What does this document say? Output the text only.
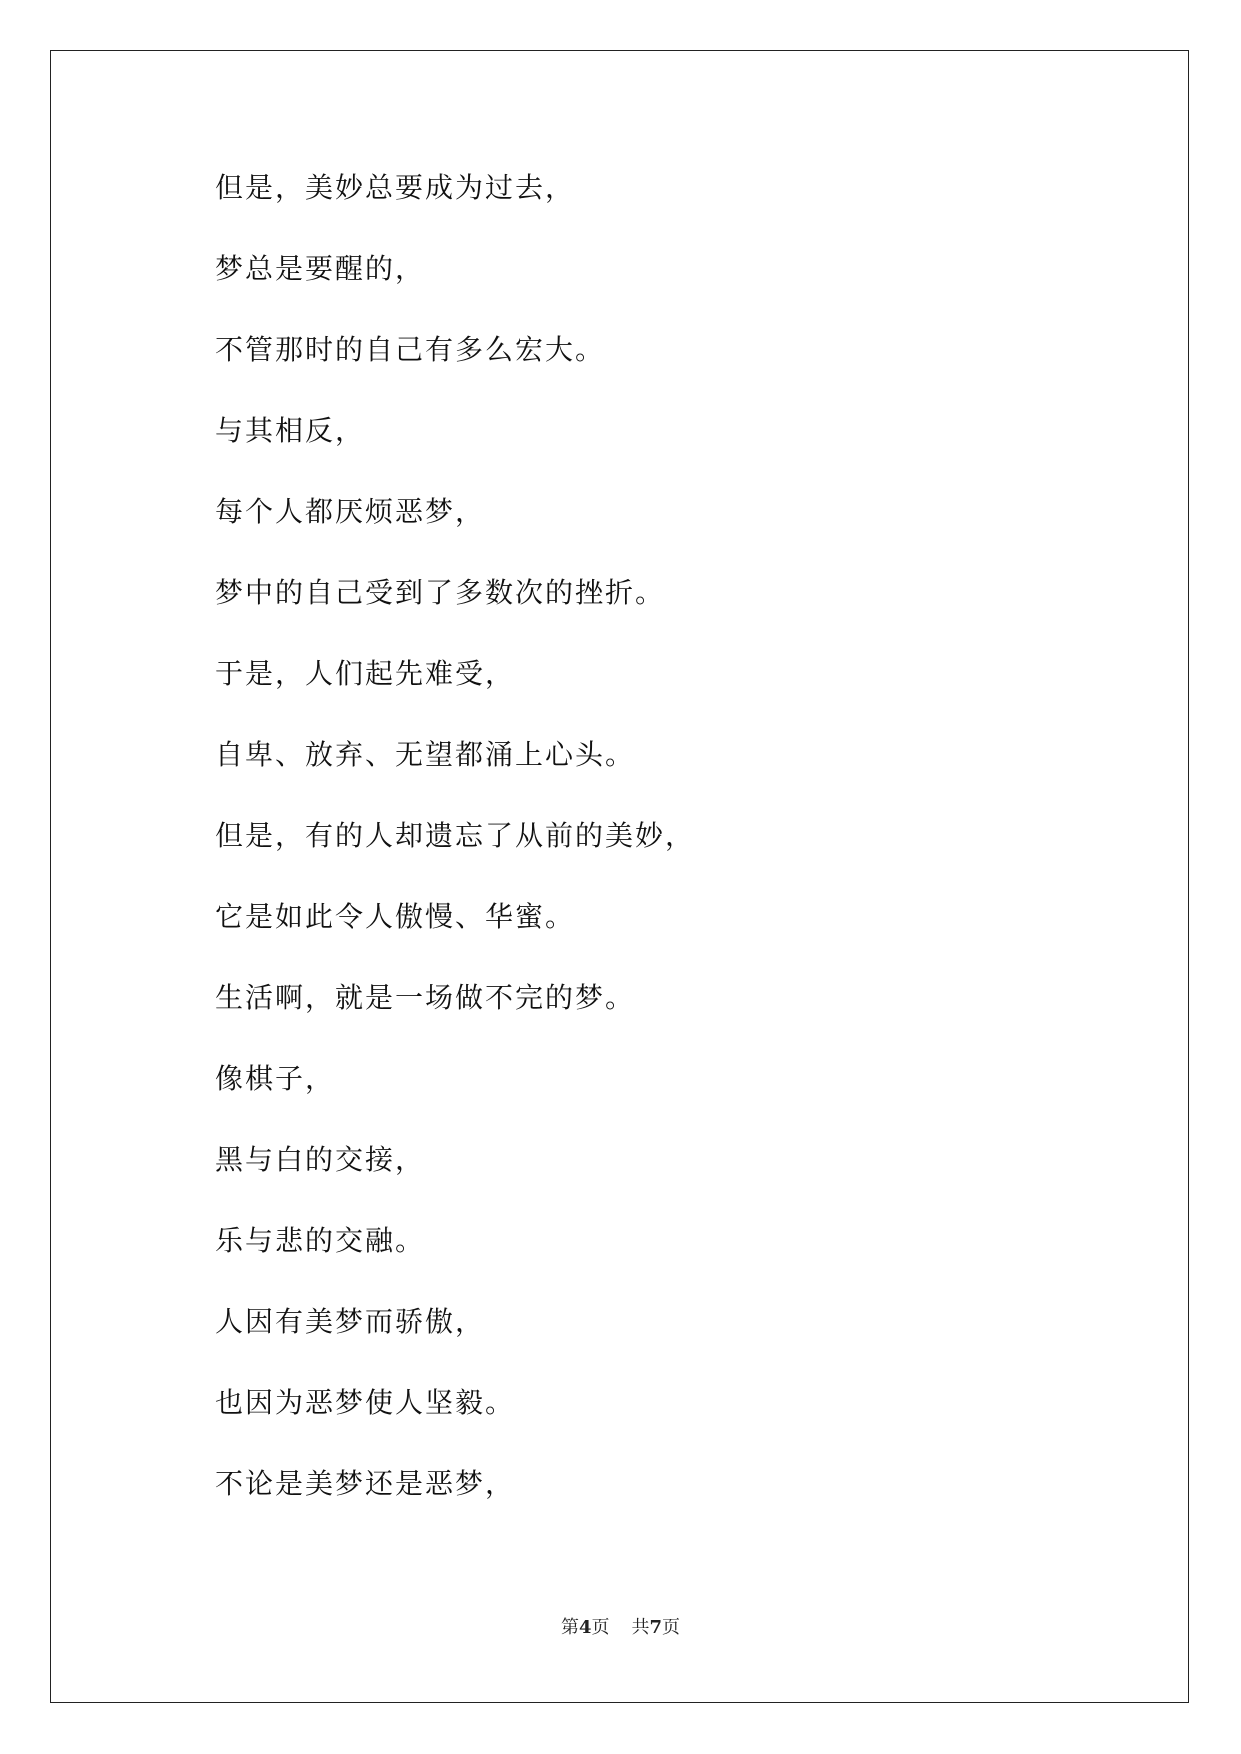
但是，美妙总要成为过去，
梦总是要醒的，
不管那时的自己有多么宏大。
与其相反，
每个人都厌烦恶梦，
梦中的自己受到了多数次的挫折。
于是，人们起先难受，
自卑、放弃、无望都涌上心头。
但是，有的人却遗忘了从前的美妙，
它是如此令人傲慢、华蜜。
生活啊，就是一场做不完的梦。
像棋子，
黑与白的交接，
乐与悲的交融。
人因有美梦而骄傲，
也因为恶梦使人坚毅。
不论是美梦还是恶梦，
第4页 共7页
